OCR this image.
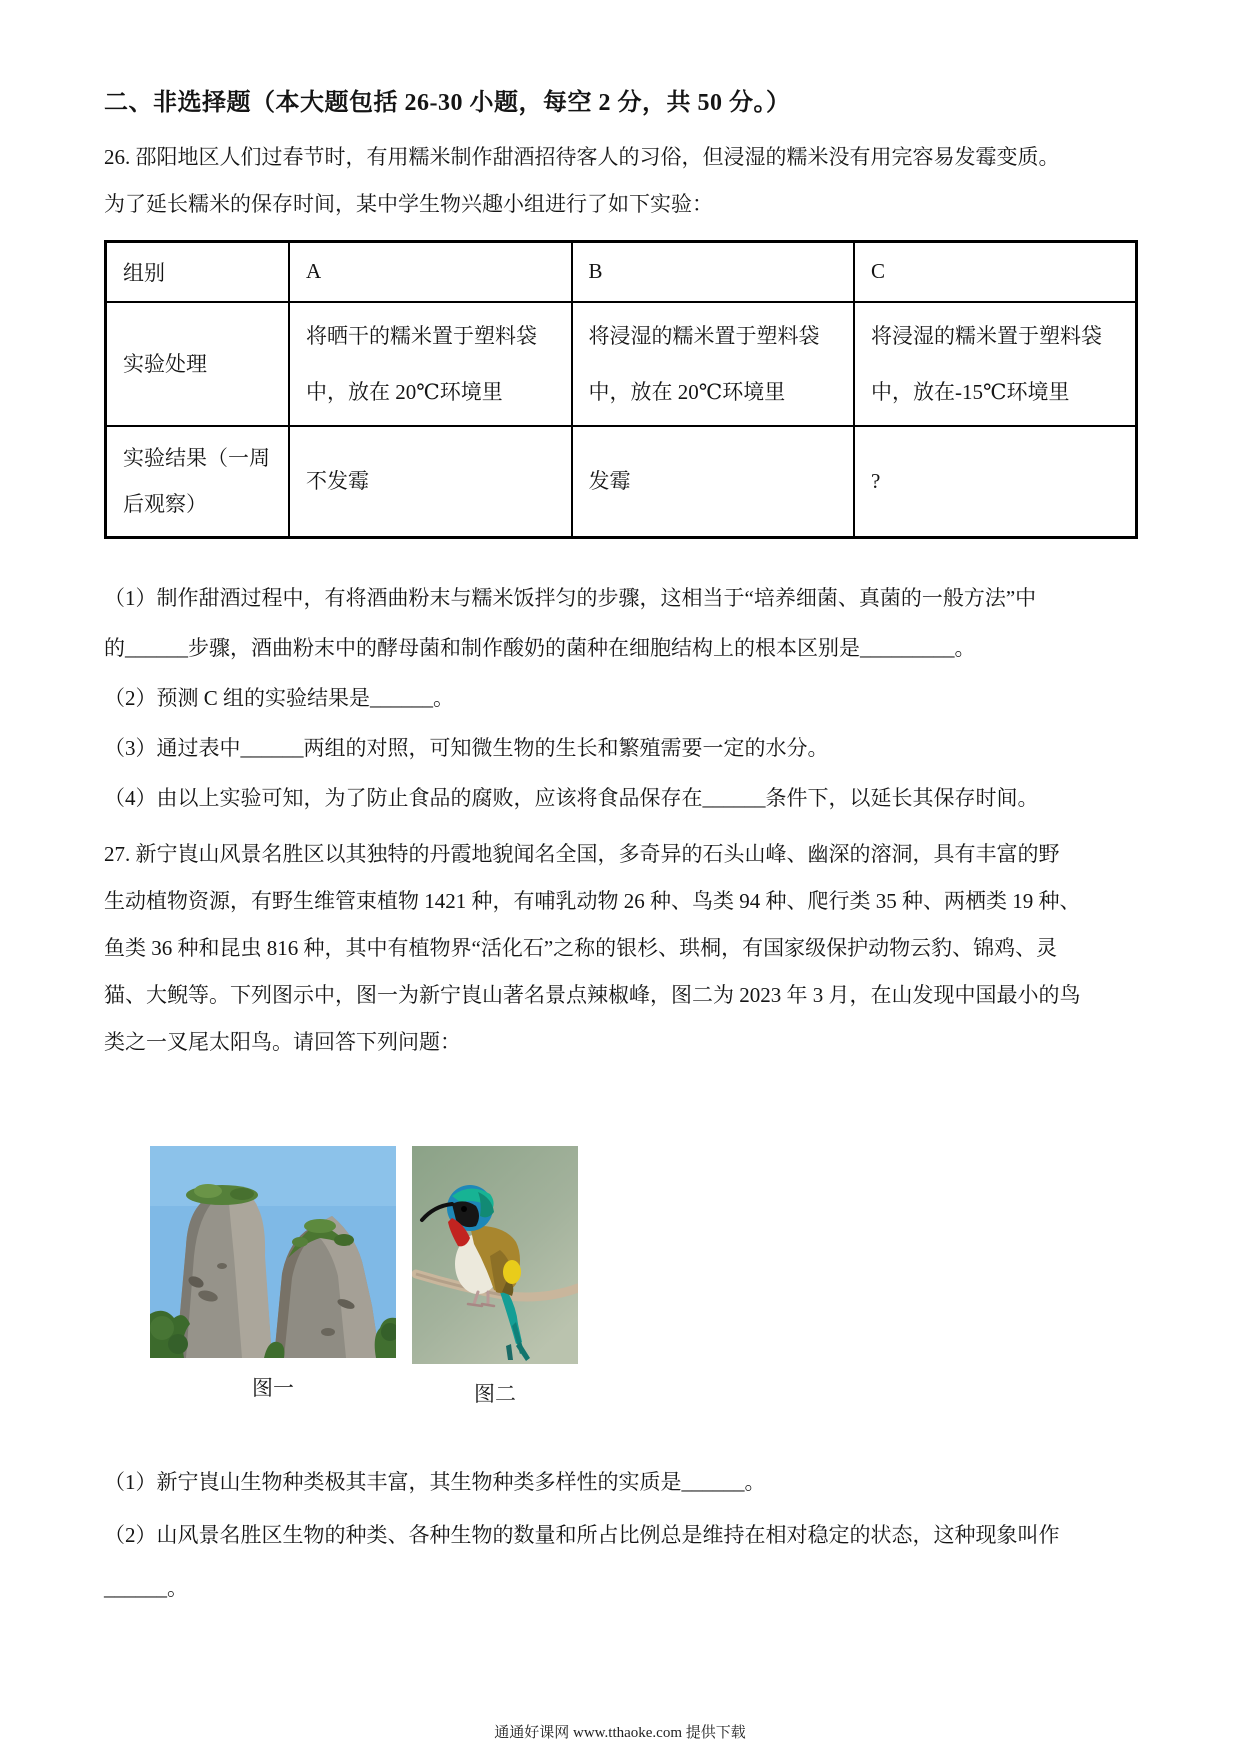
二、非选择题（本大题包括 26-30 小题，每空 2 分，共 50 分。）

26. 邵阳地区人们过春节时，有用糯米制作甜酒招待客人的习俗，但浸湿的糯米没有用完容易发霉变质。

为了延长糯米的保存时间，某中学生物兴趣小组进行了如下实验：

组别	A	B	C
实验处理	将晒干的糯米置于塑料袋中，放在 20℃环境里	将浸湿的糯米置于塑料袋中，放在 20℃环境里	将浸湿的糯米置于塑料袋中，放在-15℃环境里
实验结果（一周后观察）	不发霉	发霉	?

（1）制作甜酒过程中，有将酒曲粉末与糯米饭拌匀的步骤，这相当于“培养细菌、真菌的一般方法”中

的______步骤，酒曲粉末中的酵母菌和制作酸奶的菌种在细胞结构上的根本区别是_________。

（2）预测 C 组的实验结果是______。

（3）通过表中______两组的对照，可知微生物的生长和繁殖需要一定的水分。

（4）由以上实验可知，为了防止食品的腐败，应该将食品保存在______条件下，以延长其保存时间。

27. 新宁崀山风景名胜区以其独特的丹霞地貌闻名全国，多奇异的石头山峰、幽深的溶洞，具有丰富的野

生动植物资源，有野生维管束植物 1421 种，有哺乳动物 26 种、鸟类 94 种、爬行类 35 种、两栖类 19 种、

鱼类 36 种和昆虫 816 种，其中有植物界“活化石”之称的银杉、珙桐，有国家级保护动物云豹、锦鸡、灵

猫、大鲵等。下列图示中，图一为新宁崀山著名景点辣椒峰，图二为 2023 年 3 月，在山发现中国最小的鸟

类之一叉尾太阳鸟。请回答下列问题：

图一	图二

（1）新宁崀山生物种类极其丰富，其生物种类多样性的实质是______。

（2）山风景名胜区生物的种类、各种生物的数量和所占比例总是维持在相对稳定的状态，这种现象叫作

______。

通通好课网 www.tthaoke.com 提供下载
